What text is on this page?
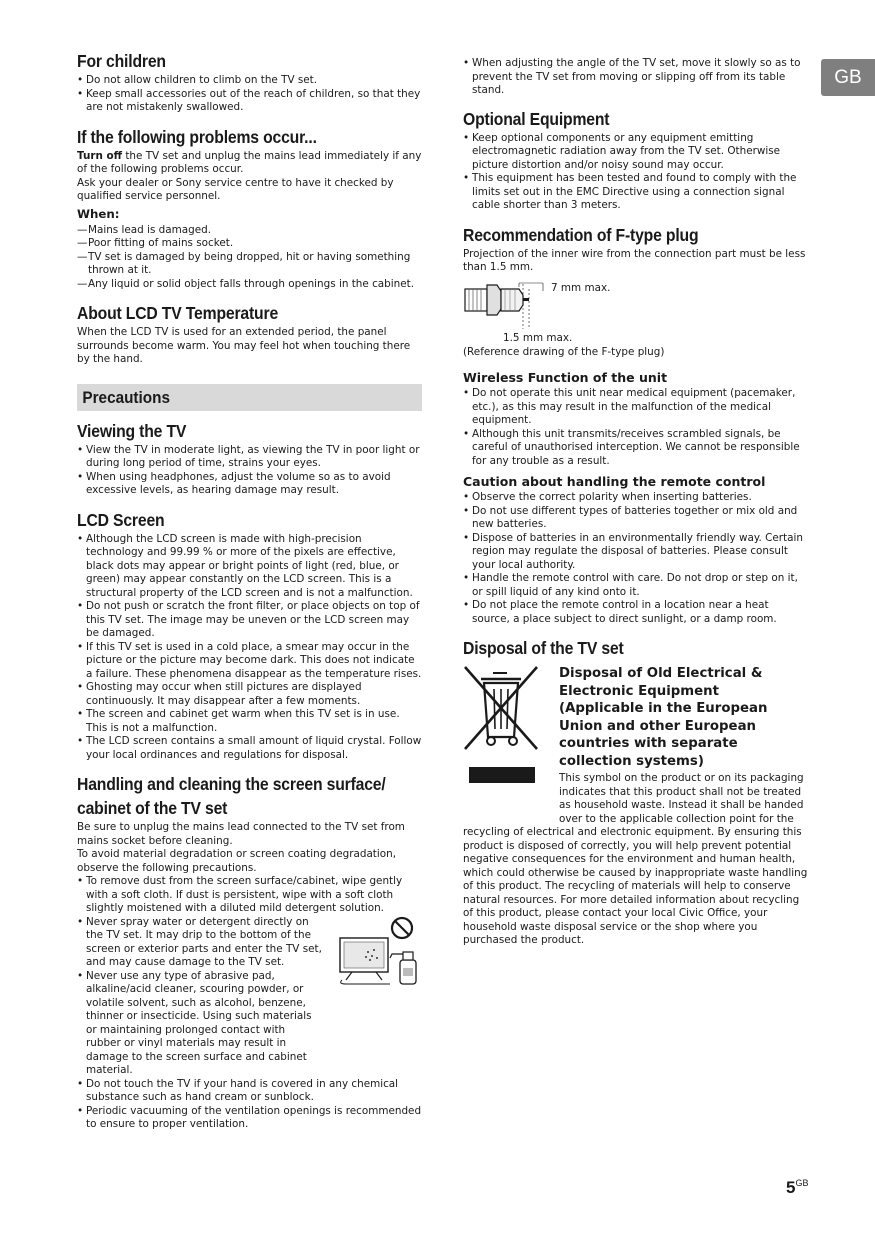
GB
For children
• Do not allow children to climb on the TV set.
• Keep small accessories out of the reach of children, so that they are not mistakenly swallowed.
If the following problems occur...

Turn off the TV set and unplug the mains lead immediately if any of the following problems occur.

Ask your dealer or Sony service centre to have it checked by qualified service personnel.

When:
— Mains lead is damaged.
— Poor fitting of mains socket.
— TV set is damaged by being dropped, hit or having something thrown at it.
— Any liquid or solid object falls through openings in the cabinet.
About LCD TV Temperature

When the LCD TV is used for an extended period, the panel surrounds become warm. You may feel hot when touching there by the hand.

Precautions
Viewing the TV
• View the TV in moderate light, as viewing the TV in poor light or during long period of time, strains your eyes.
• When using headphones, adjust the volume so as to avoid excessive levels, as hearing damage may result.
LCD Screen
• Although the LCD screen is made with high-precision technology and 99.99 % or more of the pixels are effective, black dots may appear or bright points of light (red, blue, or green) may appear constantly on the LCD screen. This is a structural property of the LCD screen and is not a malfunction.
• Do not push or scratch the front filter, or place objects on top of this TV set. The image may be uneven or the LCD screen may be damaged.
• If this TV set is used in a cold place, a smear may occur in the picture or the picture may become dark. This does not indicate a failure. These phenomena disappear as the temperature rises.
• Ghosting may occur when still pictures are displayed continuously. It may disappear after a few moments.
• The screen and cabinet get warm when this TV set is in use. This is not a malfunction.
• The LCD screen contains a small amount of liquid crystal. Follow your local ordinances and regulations for disposal.
Handling and cleaning the screen surface/
cabinet of the TV set

Be sure to unplug the mains lead connected to the TV set from mains socket before cleaning.

To avoid material degradation or screen coating degradation, observe the following precautions.

• To remove dust from the screen surface/cabinet, wipe gently with a soft cloth. If dust is persistent, wipe with a soft cloth slightly moistened with a diluted mild detergent solution.
• Never spray water or detergent directly on the TV set. It may drip to the bottom of the screen or exterior parts and enter the TV set, and may cause damage to the TV set.
• Never use any type of abrasive pad, alkaline/acid cleaner, scouring powder, or volatile solvent, such as alcohol, benzene, thinner or insecticide. Using such materials or maintaining prolonged contact with rubber or vinyl materials may result in damage to the screen surface and cabinet material.
• Do not touch the TV if your hand is covered in any chemical substance such as hand cream or sunblock.
• Periodic vacuuming of the ventilation openings is recommended to ensure to proper ventilation.
• When adjusting the angle of the TV set, move it slowly so as to prevent the TV set from moving or slipping off from its table stand.
Optional Equipment
• Keep optional components or any equipment emitting electromagnetic radiation away from the TV set. Otherwise picture distortion and/or noisy sound may occur.
• This equipment has been tested and found to comply with the limits set out in the EMC Directive using a connection signal cable shorter than 3 meters.
Recommendation of F-type plug

Projection of the inner wire from the connection part must be less than 1.5 mm.

7 mm max.
1.5 mm max.

(Reference drawing of the F-type plug)

Wireless Function of the unit
• Do not operate this unit near medical equipment (pacemaker, etc.), as this may result in the malfunction of the medical equipment.
• Although this unit transmits/receives scrambled signals, be careful of unauthorised interception. We cannot be responsible for any trouble as a result.
Caution about handling the remote control
• Observe the correct polarity when inserting batteries.
• Do not use different types of batteries together or mix old and new batteries.
• Dispose of batteries in an environmentally friendly way. Certain region may regulate the disposal of batteries. Please consult your local authority.
• Handle the remote control with care. Do not drop or step on it, or spill liquid of any kind onto it.
• Do not place the remote control in a location near a heat source, a place subject to direct sunlight, or a damp room.
Disposal of the TV set
Disposal of Old Electrical & Electronic Equipment (Applicable in the European Union and other European countries with separate collection systems)

This symbol on the product or on its packaging indicates that this product shall not be treated as household waste. Instead it shall be handed over to the applicable collection point for the

recycling of electrical and electronic equipment. By ensuring this product is disposed of correctly, you will help prevent potential negative consequences for the environment and human health, which could otherwise be caused by inappropriate waste handling of this product. The recycling of materials will help to conserve natural resources. For more detailed information about recycling of this product, please contact your local Civic Office, your household waste disposal service or the shop where you purchased the product.

$5^{GB}$
